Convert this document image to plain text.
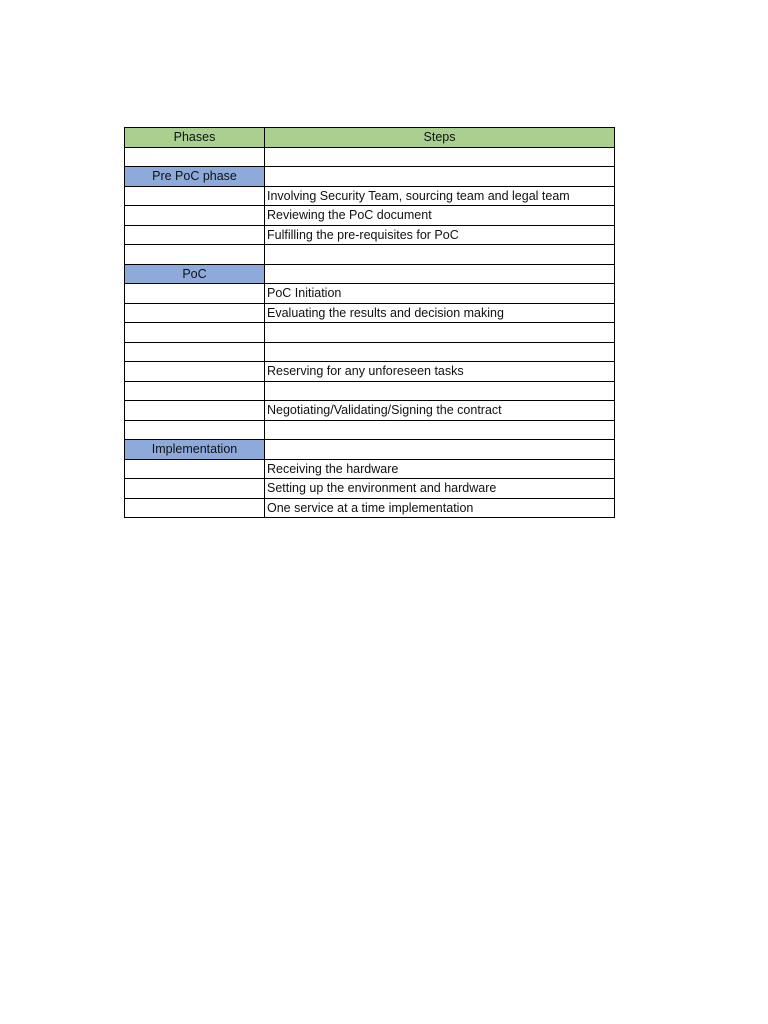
Phases	Steps

Pre PoC phase	
	Involving Security Team, sourcing team and legal team
	Reviewing the PoC document
	Fulfilling the pre-requisites for PoC

PoC	
	PoC Initiation
	Evaluating the results and decision making

	Reserving for any unforeseen tasks

	Negotiating/Validating/Signing the contract

Implementation	
	Receiving the hardware
	Setting up the environment and hardware
	One service at a time implementation
